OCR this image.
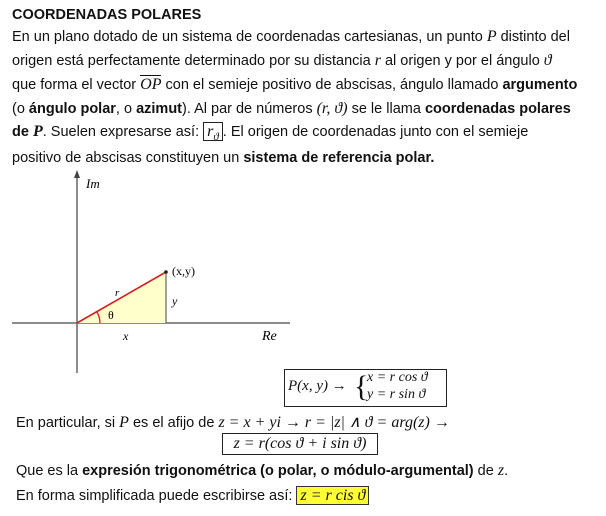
COORDENADAS POLARES
En un plano dotado de un sistema de coordenadas cartesianas, un punto P distinto del
origen está perfectamente determinado por su distancia r al origen y por el ángulo ϑ
que forma el vector OP con el semieje positivo de abscisas, ángulo llamado argumento
(o ángulo polar, o azimut). Al par de números (r, ϑ) se le llama coordenadas polares
de P. Suelen expresarse así: $r_ϑ$ . El origen de coordenadas junto con el semieje
positivo de abscisas constituyen un sistema de referencia polar.
Im
Re
(x,y)
r
y
x
θ
P(x, y) → {
x = r cos ϑ
y = r sin ϑ
En particular, si P es el afijo de z = x + yi → r = |z| ∧ ϑ = arg(z) →
z = r(cos ϑ + i sin ϑ)
Que es la expresión trigonométrica (o polar, o módulo-argumental) de z.
En forma simplificada puede escribirse así: z = r cis ϑ
